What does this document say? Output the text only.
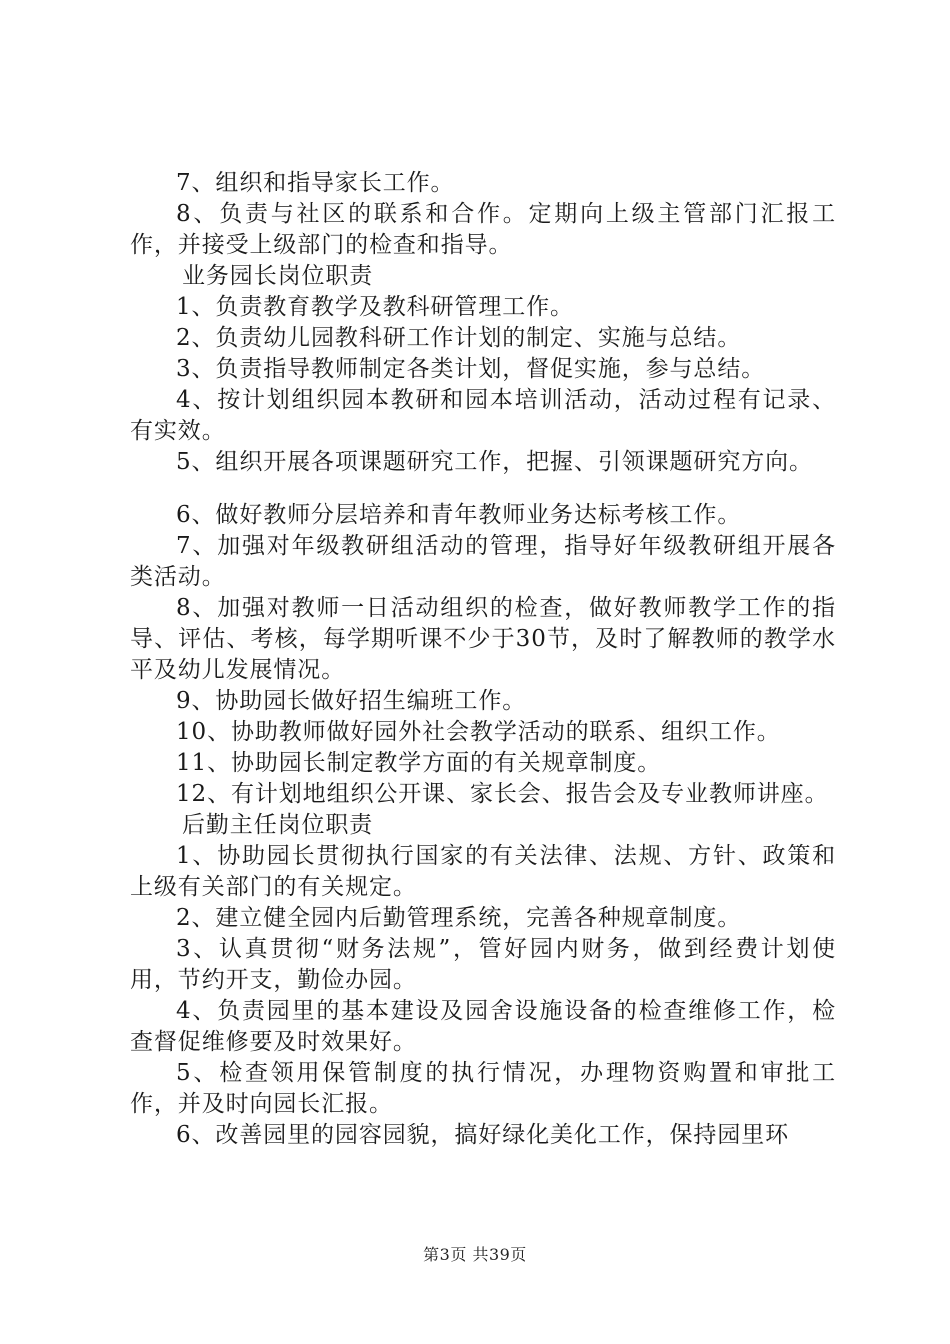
7、组织和指导家长工作。

8、负责与社区的联系和合作。定期向上级主管部门汇报工作，并接受上级部门的检查和指导。

业务园长岗位职责

1、负责教育教学及教科研管理工作。

2、负责幼儿园教科研工作计划的制定、实施与总结。

3、负责指导教师制定各类计划，督促实施，参与总结。

4、按计划组织园本教研和园本培训活动，活动过程有记录、有实效。

5、组织开展各项课题研究工作，把握、引领课题研究方向。

6、做好教师分层培养和青年教师业务达标考核工作。

7、加强对年级教研组活动的管理，指导好年级教研组开展各类活动。

8、加强对教师一日活动组织的检查，做好教师教学工作的指导、评估、考核，每学期听课不少于30节，及时了解教师的教学水平及幼儿发展情况。

9、协助园长做好招生编班工作。

10、协助教师做好园外社会教学活动的联系、组织工作。

11、协助园长制定教学方面的有关规章制度。

12、有计划地组织公开课、家长会、报告会及专业教师讲座。

后勤主任岗位职责

1、协助园长贯彻执行国家的有关法律、法规、方针、政策和上级有关部门的有关规定。

2、建立健全园内后勤管理系统，完善各种规章制度。

3、认真贯彻“财务法规”，管好园内财务，做到经费计划使用，节约开支，勤俭办园。

4、负责园里的基本建设及园舍设施设备的检查维修工作，检查督促维修要及时效果好。

5、检查领用保管制度的执行情况，办理物资购置和审批工作，并及时向园长汇报。

6、改善园里的园容园貌，搞好绿化美化工作，保持园里环

第3页 共39页
